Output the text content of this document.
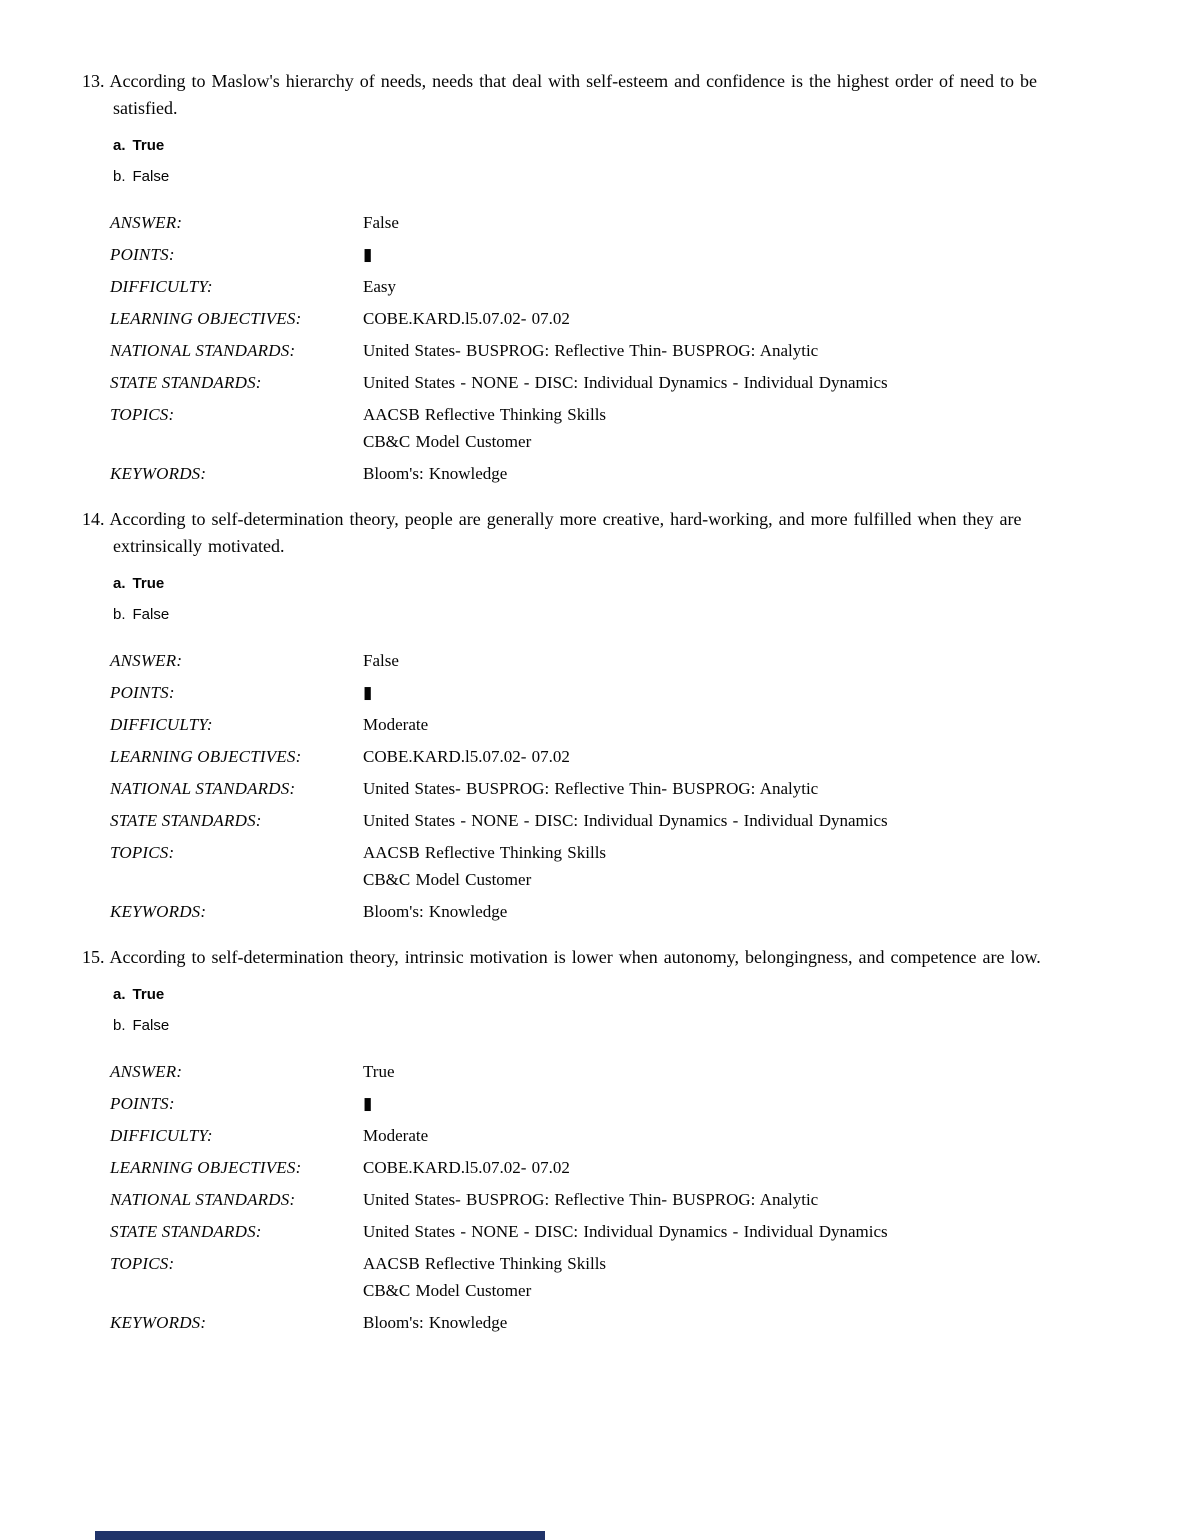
13. According to Maslow's hierarchy of needs, needs that deal with self-esteem and confidence is the highest order of need to be satisfied.
a. True
b. False
ANSWER:	False
POINTS:	▮
DIFFICULTY:	Easy
LEARNING OBJECTIVES:	COBE.KARD.l5.07.02- 07.02
NATIONAL STANDARDS:	United States- BUSPROG: Reflective Thin- BUSPROG: Analytic
STATE STANDARDS:	United States - NONE - DISC: Individual Dynamics - Individual Dynamics
TOPICS:	AACSB Reflective Thinking Skills
CB&C Model Customer
KEYWORDS:	Bloom's: Knowledge
14. According to self-determination theory, people are generally more creative, hard-working, and more fulfilled when they are extrinsically motivated.
a. True
b. False
ANSWER:	False
POINTS:	▮
DIFFICULTY:	Moderate
LEARNING OBJECTIVES:	COBE.KARD.l5.07.02- 07.02
NATIONAL STANDARDS:	United States- BUSPROG: Reflective Thin- BUSPROG: Analytic
STATE STANDARDS:	United States - NONE - DISC: Individual Dynamics - Individual Dynamics
TOPICS:	AACSB Reflective Thinking Skills
CB&C Model Customer
KEYWORDS:	Bloom's: Knowledge
15. According to self-determination theory, intrinsic motivation is lower when autonomy, belongingness, and competence are low.
a. True
b. False
ANSWER:	True
POINTS:	▮
DIFFICULTY:	Moderate
LEARNING OBJECTIVES:	COBE.KARD.l5.07.02- 07.02
NATIONAL STANDARDS:	United States- BUSPROG: Reflective Thin- BUSPROG: Analytic
STATE STANDARDS:	United States - NONE - DISC: Individual Dynamics - Individual Dynamics
TOPICS:	AACSB Reflective Thinking Skills
CB&C Model Customer
KEYWORDS:	Bloom's: Knowledge
